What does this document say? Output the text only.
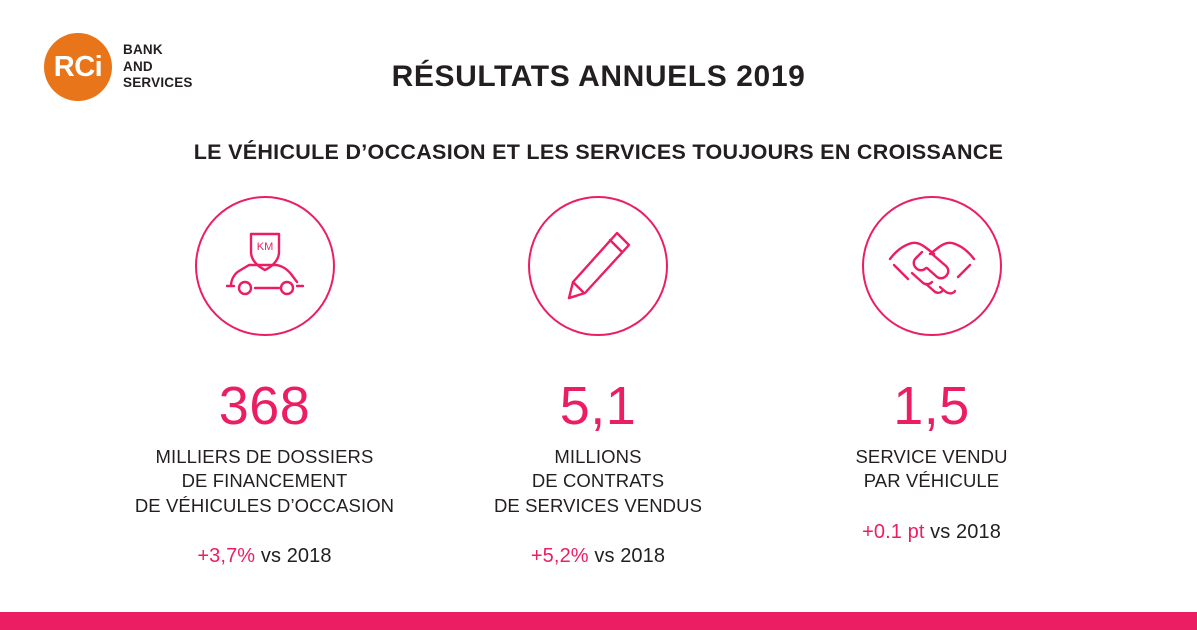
RCi
BANK
AND
SERVICES	RÉSULTATS ANNUELS 2019
LE VÉHICULE D’OCCASION ET LES SERVICES TOUJOURS EN CROISSANCE
KM
368
MILLIERS DE DOSSIERS
DE FINANCEMENT
DE VÉHICULES D’OCCASION
+3,7% vs 2018
5,1
MILLIONS
DE CONTRATS
DE SERVICES VENDUS
+5,2% vs 2018
1,5
SERVICE VENDU
PAR VÉHICULE
+0.1 pt vs 2018
